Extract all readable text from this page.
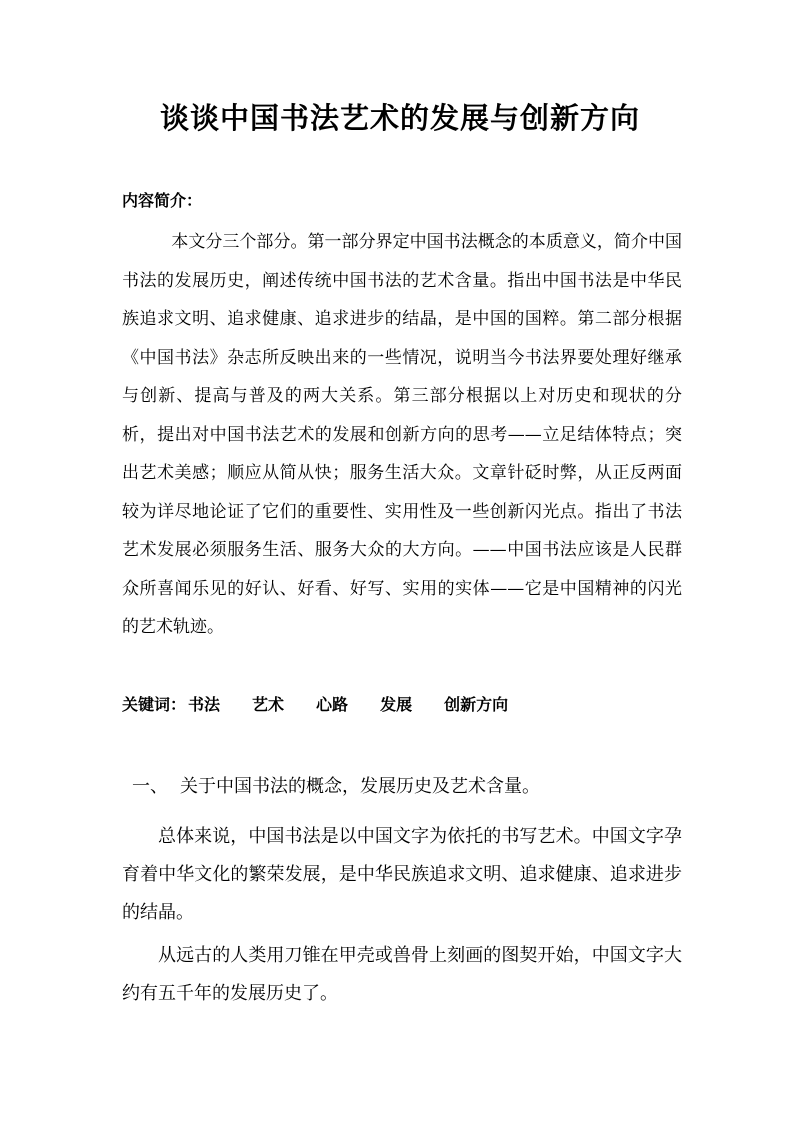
谈谈中国书法艺术的发展与创新方向

内容简介：

本文分三个部分。第一部分界定中国书法概念的本质意义，简介中国书法的发展历史，阐述传统中国书法的艺术含量。指出中国书法是中华民族追求文明、追求健康、追求进步的结晶，是中国的国粹。第二部分根据《中国书法》杂志所反映出来的一些情况，说明当今书法界要处理好继承与创新、提高与普及的两大关系。第三部分根据以上对历史和现状的分析，提出对中国书法艺术的发展和创新方向的思考——立足结体特点；突出艺术美感；顺应从简从快；服务生活大众。文章针砭时弊，从正反两面较为详尽地论证了它们的重要性、实用性及一些创新闪光点。指出了书法艺术发展必须服务生活、服务大众的大方向。——中国书法应该是人民群众所喜闻乐见的好认、好看、好写、实用的实体——它是中国精神的闪光的艺术轨迹。

关键词： 书法 艺术 心路 发展 创新方向

一、 关于中国书法的概念，发展历史及艺术含量。

总体来说，中国书法是以中国文字为依托的书写艺术。中国文字孕育着中华文化的繁荣发展，是中华民族追求文明、追求健康、追求进步的结晶。

从远古的人类用刀锥在甲壳或兽骨上刻画的图契开始，中国文字大约有五千年的发展历史了。
